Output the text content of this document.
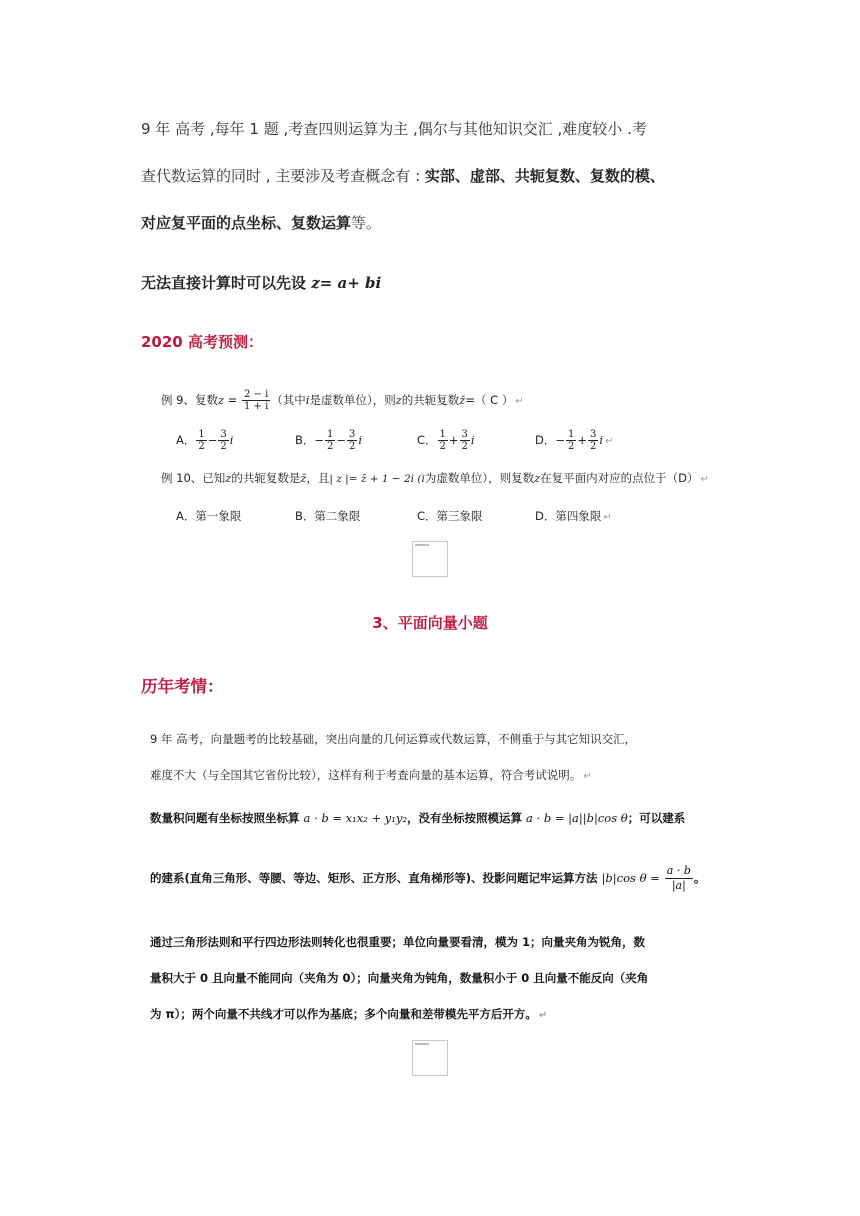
9 年 高考 ,每年 1 题 ,考查四则运算为主 ,偶尔与其他知识交汇 ,难度较小 .考
查代数运算的同时 , 主要涉及考查概念有 : 实部、虚部、共轭复数、复数的模、
对应复平面的点坐标、复数运算等。
无法直接计算时可以先设 z= a+ bi
2020 高考预测：
例 9、复数$z = \frac{2 - i}{1 + i}$ （其中i是虚数单位），则z的共轭复数z̄=（ C ） ↵
A． $\frac{1}{2} - \frac{3}{2}$ i	B．− $\frac{1}{2} - \frac{3}{2}$ i	C． $\frac{1}{2} + \frac{3}{2}$ i	D．− $\frac{1}{2} + \frac{3}{2}$ i ↵
例 10、已知z的共轭复数是z̄，且| z |= z̄ + 1 − 2i (i为虚数单位），则复数z在复平面内对应的点位于（D） ↵
A．第一象限	B．第二象限	C．第三象限	D．第四象限 ↵
3、平面向量小题
历年考情：
9 年 高考，向量题考的比较基础，突出向量的几何运算或代数运算，不侧重于与其它知识交汇，
难度不大（与全国其它省份比较），这样有利于考查向量的基本运算，符合考试说明。 ↵
数量积问题有坐标按照坐标算 a · b = x₁x₂ + y₁y₂，没有坐标按照模运算 a · b = |a||b|cos θ；可以建系
的建系(直角三角形、等腰、等边、矩形、正方形、直角梯形等)、投影问题记牢运算方法 |b|cos $\theta = \frac{a \cdot b}{|a|}$ 。
通过三角形法则和平行四边形法则转化也很重要；单位向量要看清，模为 1；向量夹角为锐角，数
量积大于 0 且向量不能同向（夹角为 0）；向量夹角为钝角，数量积小于 0 且向量不能反向（夹角
为 π）；两个向量不共线才可以作为基底；多个向量和差带模先平方后开方。 ↵
